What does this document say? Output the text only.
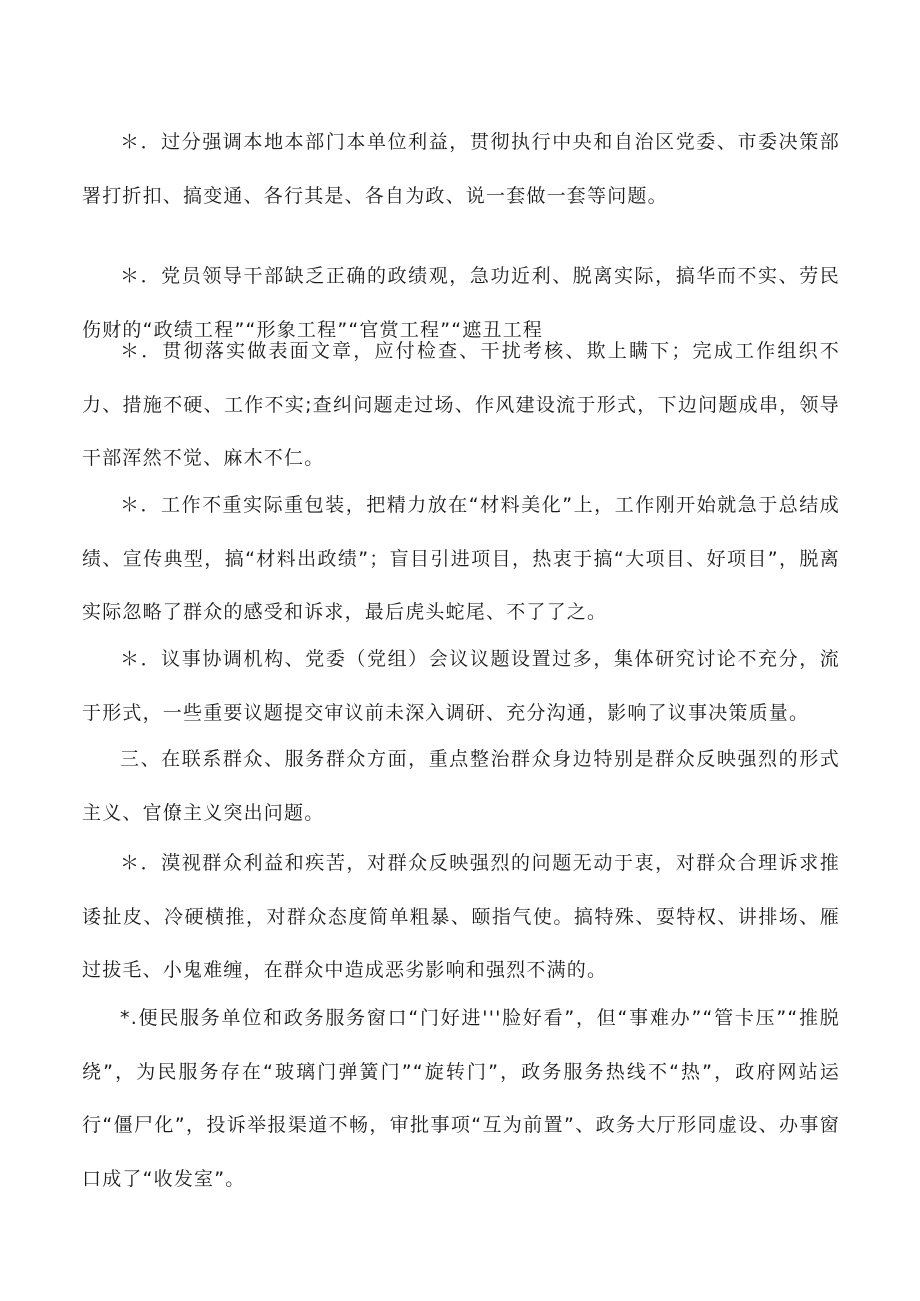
＊．过分强调本地本部门本单位利益，贯彻执行中央和自治区党委、市委决策部署打折扣、搞变通、各行其是、各自为政、说一套做一套等问题。

＊．党员领导干部缺乏正确的政绩观，急功近利、脱离实际，搞华而不实、劳民伤财的“政绩工程”“形象工程”“官赏工程”“遮丑工程

＊．贯彻落实做表面文章，应付检查、干扰考核、欺上瞒下；完成工作组织不力、措施不硬、工作不实;查纠问题走过场、作风建设流于形式，下边问题成串，领导干部浑然不觉、麻木不仁。

＊．工作不重实际重包装，把精力放在“材料美化”上，工作刚开始就急于总结成绩、宣传典型，搞“材料出政绩”；盲目引进项目，热衷于搞“大项目、好项目”，脱离实际忽略了群众的感受和诉求，最后虎头蛇尾、不了了之。

＊．议事协调机构、党委（党组）会议议题设置过多，集体研究讨论不充分，流于形式，一些重要议题提交审议前未深入调研、充分沟通，影响了议事决策质量。

三、在联系群众、服务群众方面，重点整治群众身边特别是群众反映强烈的形式主义、官僚主义突出问题。

＊．漠视群众利益和疾苦，对群众反映强烈的问题无动于衷，对群众合理诉求推诿扯皮、冷硬横推，对群众态度简单粗暴、颐指气使。搞特殊、耍特权、讲排场、雁过拔毛、小鬼难缠，在群众中造成恶劣影响和强烈不满的。

*.便民服务单位和政务服务窗口“门好进'''脸好看”，但“事难办”“管卡压”“推脱绕”，为民服务存在“玻璃门弹簧门”“旋转门”，政务服务热线不“热”，政府网站运行“僵尸化”，投诉举报渠道不畅，审批事项“互为前置”、政务大厅形同虚设、办事窗口成了“收发室”。
